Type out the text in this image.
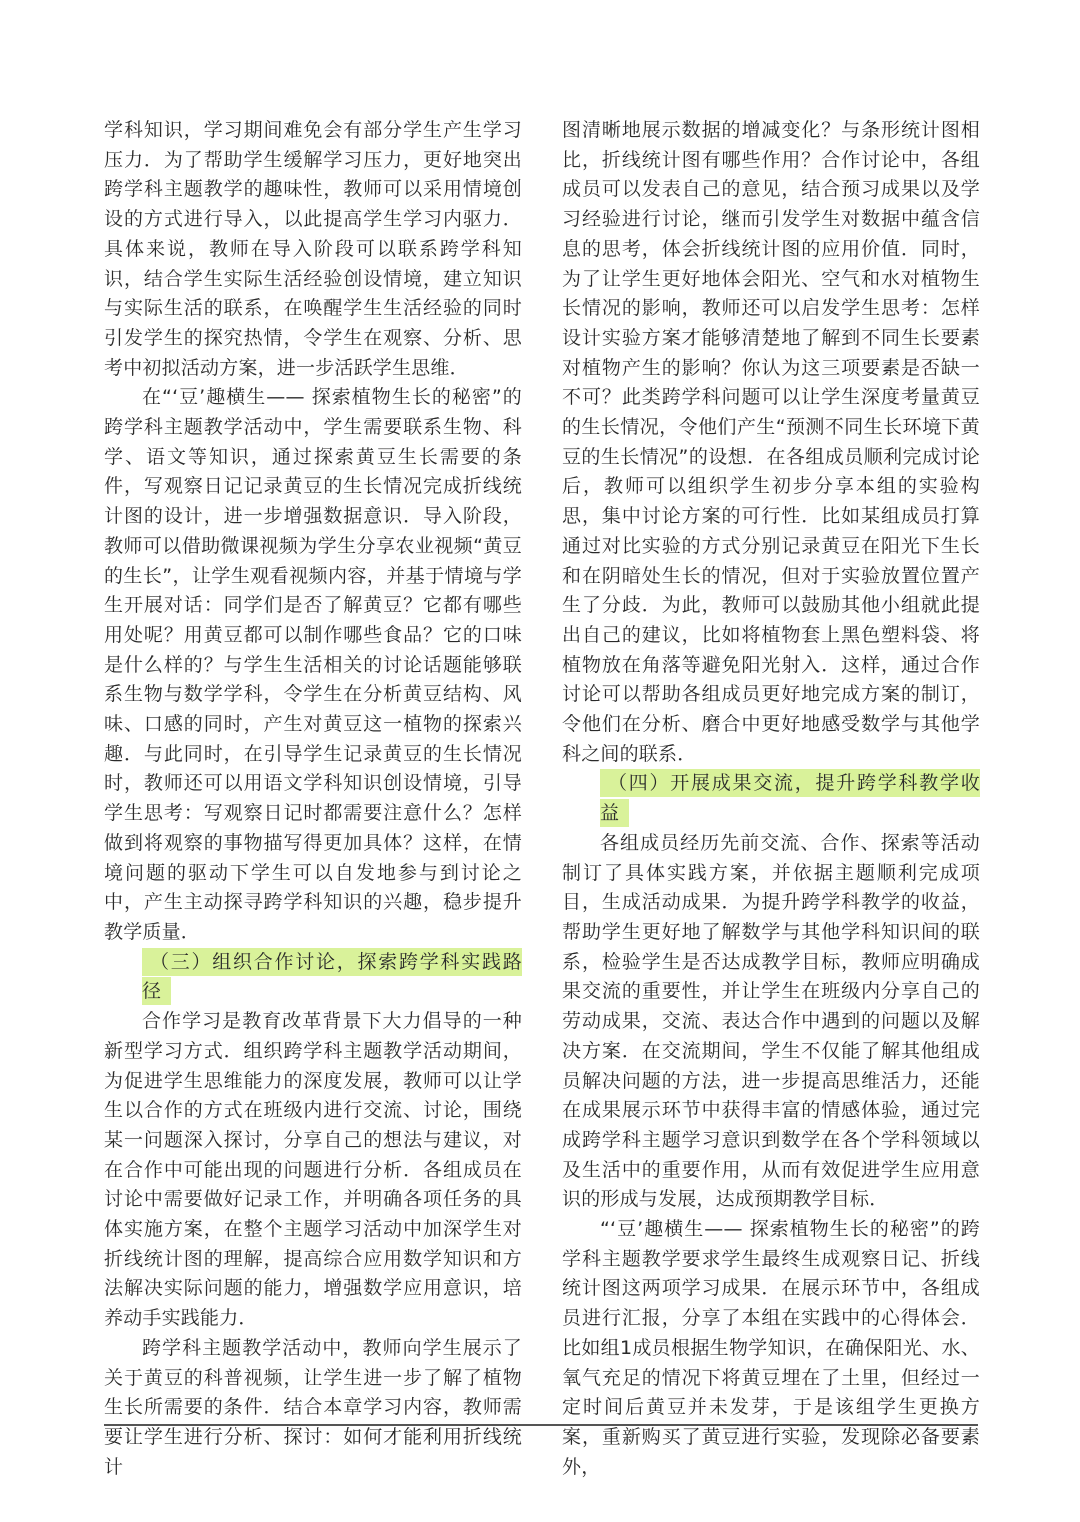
学科知识，学习期间难免会有部分学生产生学习压力．为了帮助学生缓解学习压力，更好地突出跨学科主题教学的趣味性，教师可以采用情境创设的方式进行导入，以此提高学生学习内驱力．具体来说，教师在导入阶段可以联系跨学科知识，结合学生实际生活经验创设情境，建立知识与实际生活的联系，在唤醒学生生活经验的同时引发学生的探究热情，令学生在观察、分析、思考中初拟活动方案，进一步活跃学生思维．

在“‘豆’趣横生—— 探索植物生长的秘密”的跨学科主题教学活动中，学生需要联系生物、科学、语文等知识，通过探索黄豆生长需要的条件，写观察日记记录黄豆的生长情况完成折线统计图的设计，进一步增强数据意识．导入阶段，教师可以借助微课视频为学生分享农业视频“黄豆的生长”，让学生观看视频内容，并基于情境与学生开展对话：同学们是否了解黄豆？它都有哪些用处呢？用黄豆都可以制作哪些食品？它的口味是什么样的？与学生生活相关的讨论话题能够联系生物与数学学科，令学生在分析黄豆结构、风味、口感的同时，产生对黄豆这一植物的探索兴趣．与此同时，在引导学生记录黄豆的生长情况时，教师还可以用语文学科知识创设情境，引导学生思考：写观察日记时都需要注意什么？怎样做到将观察的事物描写得更加具体？这样，在情境问题的驱动下学生可以自发地参与到讨论之中，产生主动探寻跨学科知识的兴趣，稳步提升教学质量．

（三）组织合作讨论，探索跨学科实践路径

合作学习是教育改革背景下大力倡导的一种新型学习方式．组织跨学科主题教学活动期间，为促进学生思维能力的深度发展，教师可以让学生以合作的方式在班级内进行交流、讨论，围绕某一问题深入探讨，分享自己的想法与建议，对在合作中可能出现的问题进行分析．各组成员在讨论中需要做好记录工作，并明确各项任务的具体实施方案，在整个主题学习活动中加深学生对折线统计图的理解，提高综合应用数学知识和方法解决实际问题的能力，增强数学应用意识，培养动手实践能力．

跨学科主题教学活动中，教师向学生展示了关于黄豆的科普视频，让学生进一步了解了植物生长所需要的条件．结合本章学习内容，教师需要让学生进行分析、探讨：如何才能利用折线统计

图清晰地展示数据的增减变化？与条形统计图相比，折线统计图有哪些作用？合作讨论中，各组成员可以发表自己的意见，结合预习成果以及学习经验进行讨论，继而引发学生对数据中蕴含信息的思考，体会折线统计图的应用价值．同时，为了让学生更好地体会阳光、空气和水对植物生长情况的影响，教师还可以启发学生思考：怎样设计实验方案才能够清楚地了解到不同生长要素对植物产生的影响？你认为这三项要素是否缺一不可？此类跨学科问题可以让学生深度考量黄豆的生长情况，令他们产生“预测不同生长环境下黄豆的生长情况”的设想．在各组成员顺利完成讨论后，教师可以组织学生初步分享本组的实验构思，集中讨论方案的可行性．比如某组成员打算通过对比实验的方式分别记录黄豆在阳光下生长和在阴暗处生长的情况，但对于实验放置位置产生了分歧．为此，教师可以鼓励其他小组就此提出自己的建议，比如将植物套上黑色塑料袋、将植物放在角落等避免阳光射入．这样，通过合作讨论可以帮助各组成员更好地完成方案的制订，令他们在分析、磨合中更好地感受数学与其他学科之间的联系．

（四）开展成果交流，提升跨学科教学收益

各组成员经历先前交流、合作、探索等活动制订了具体实践方案，并依据主题顺利完成项目，生成活动成果．为提升跨学科教学的收益，帮助学生更好地了解数学与其他学科知识间的联系，检验学生是否达成教学目标，教师应明确成果交流的重要性，并让学生在班级内分享自己的劳动成果，交流、表达合作中遇到的问题以及解决方案．在交流期间，学生不仅能了解其他组成员解决问题的方法，进一步提高思维活力，还能在成果展示环节中获得丰富的情感体验，通过完成跨学科主题学习意识到数学在各个学科领域以及生活中的重要作用，从而有效促进学生应用意识的形成与发展，达成预期教学目标．

“‘豆’趣横生—— 探索植物生长的秘密”的跨学科主题教学要求学生最终生成观察日记、折线统计图这两项学习成果．在展示环节中，各组成员进行汇报，分享了本组在实践中的心得体会．比如组1成员根据生物学知识，在确保阳光、水、氧气充足的情况下将黄豆埋在了土里，但经过一定时间后黄豆并未发芽，于是该组学生更换方案，重新购买了黄豆进行实验，发现除必备要素外，
